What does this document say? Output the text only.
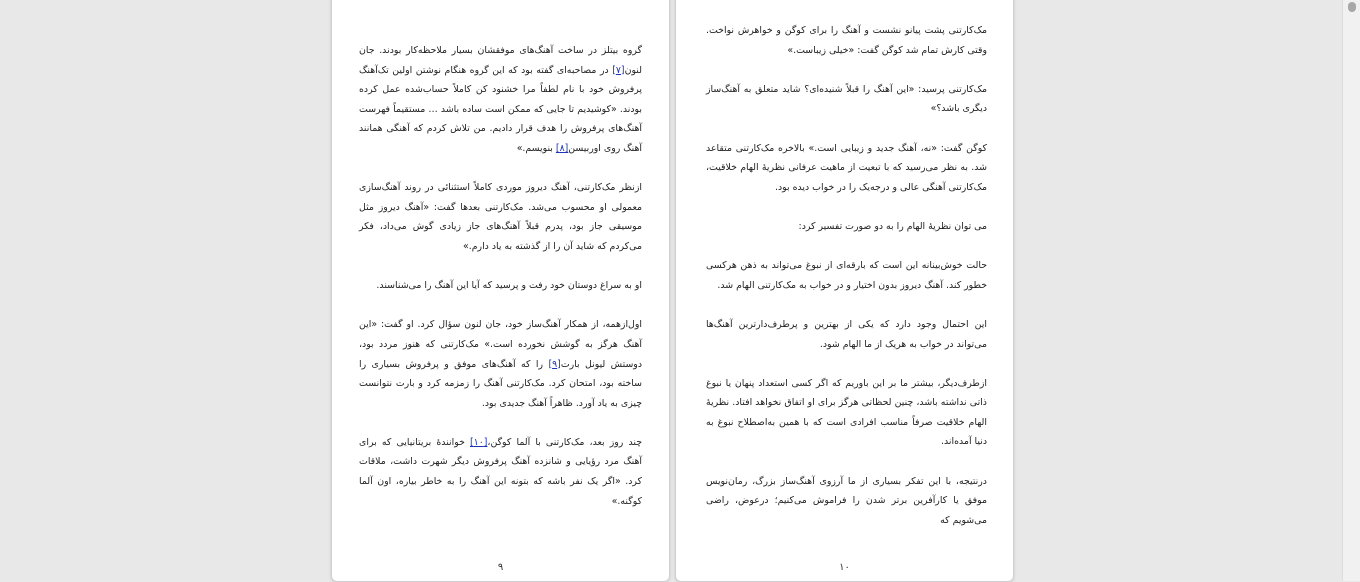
گروه بیتلز در ساخت آهنگ‌های موفقشان بسیار ملاحظه‌کار بودند. جان لنون[۷] در مصاحبه‌ای گفته بود که این گروه هنگام نوشتن اولین تک‌آهنگ پرفروش خود با نام لطفاً مرا خشنود کن کاملاً حساب‌شده عمل کرده بودند. «کوشیدیم تا جایی که ممکن است ساده باشد … مستقیماً فهرست آهنگ‌های پرفروش را هدف قرار دادیم. من تلاش کردم که آهنگی همانند آهنگ روی اوربیسن[۸] بنویسم.»

ازنظر مک‌کارتنی، آهنگ دیروز موردی کاملاً استثنائی در روند آهنگ‌سازی معمولی او محسوب می‌شد. مک‌کارتنی بعدها گفت: «آهنگ دیروز مثل موسیقی جاز بود، پدرم قبلاً آهنگ‌های جاز زیادی گوش می‌داد، فکر می‌کردم که شاید آن را از گذشته به یاد دارم.»

او به سراغ دوستان خود رفت و پرسید که آیا این آهنگ را می‌شناسند.

اول‌ازهمه، از همکار آهنگ‌ساز خود، جان لنون سؤال کرد. او گفت: «این آهنگ هرگز به گوشش نخورده است.» مک‌کارتنی که هنوز مردد بود، دوستش لیونل بارت[۹] را که آهنگ‌های موفق و پرفروش بسیاری را ساخته بود، امتحان کرد. مک‌کارتنی آهنگ را زمزمه کرد و بارت نتوانست چیزی به یاد آورد. ظاهراً آهنگ جدیدی بود.

چند روز بعد، مک‌کارتنی با آلما کوگن،[۱۰] خوانندهٔ بریتانیایی که برای آهنگ مرد رؤیایی و شانزده آهنگ پرفروش دیگر شهرت داشت، ملاقات کرد. «اگر یک نفر باشه که بتونه این آهنگ را به خاطر بیاره، اون آلما کوگنه.»

۹

مک‌کارتنی پشت پیانو نشست و آهنگ را برای کوگن و خواهرش نواخت. وقتی کارش تمام شد کوگن گفت: «خیلی زیباست.»

مک‌کارتنی پرسید: «این آهنگ را قبلاً شنیده‌ای؟ شاید متعلق به آهنگ‌ساز دیگری باشد؟»

کوگن گفت: «نه، آهنگ جدید و زیبایی است.» بالاخره مک‌کارتنی متقاعد شد. به نظر می‌رسید که با تبعیت از ماهیت عرفانی نظریهٔ الهام خلاقیت، مک‌کارتنی آهنگی عالی و درجه‌یک را در خواب دیده بود.

می توان نظریهٔ الهام را به دو صورت تفسیر کرد:

حالت خوش‌بینانه این است که بارقه‌ای از نبوغ می‌تواند به ذهن هرکسی خطور کند. آهنگ دیروز بدون اختیار و در خواب به مک‌کارتنی الهام شد.

این احتمال وجود دارد که یکی از بهترین و پرطرف‌دارترین آهنگ‌ها می‌تواند در خواب به هریک از ما الهام شود.

ازطرف‌دیگر، بیشتر ما بر این باوریم که اگر کسی استعداد پنهان یا نبوغ ذاتی نداشته باشد، چنین لحظاتی هرگز برای او اتفاق نخواهد افتاد. نظریهٔ الهام خلاقیت صرفاً مناسب افرادی است که با همین به‌اصطلاح نبوغ به دنیا آمده‌اند.

درنتیجه، با این تفکر بسیاری از ما آرزوی آهنگ‌ساز بزرگ، رمان‌نویس موفق یا کارآفرین برتر شدن را فراموش می‌کنیم؛ درعوض، راضی می‌شویم که

۱۰
